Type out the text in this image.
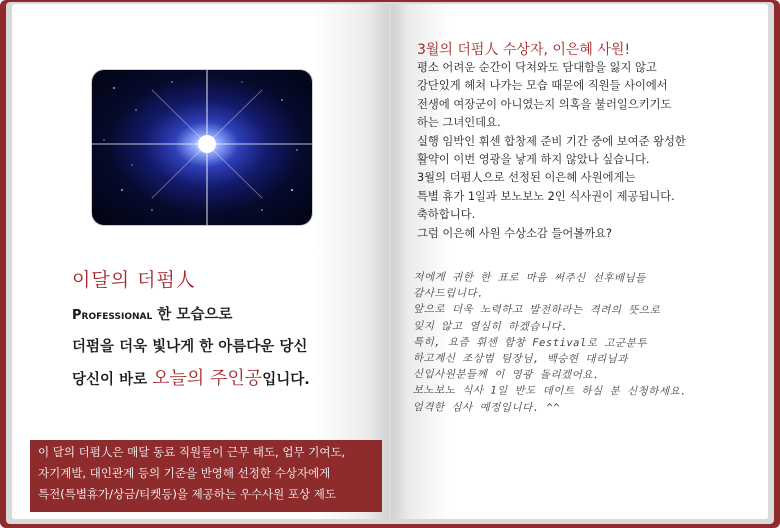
이달의 더펌人
Professional 한 모습으로
더펌을 더욱 빛나게 한 아름다운 당신
당신이 바로 오늘의 주인공입니다.
이 달의 더펌人은 매달 동료 직원들이 근무 태도, 업무 기여도,
자기계발, 대인관계 등의 기준을 반영해 선정한 수상자에게
특전(특별휴가/상금/티켓등)을 제공하는 우수사원 포상 제도
3월의 더펌人 수상자, 이은혜 사원!
평소 어려운 순간이 닥쳐와도 담대함을 잃지 않고
강단있게 헤쳐 나가는 모습 때문에 직원들 사이에서
전생에 여장군이 아니였는지 의혹을 불러일으키기도
하는 그녀인데요.
실행 임박인 휘센 합창제 준비 기간 중에 보여준 왕성한
활약이 이번 영광을 낳게 하지 않았나 싶습니다.
3월의 더펌人으로 선정된 이은혜 사원에게는
특별 휴가 1일과 보노보노 2인 식사권이 제공됩니다.
축하합니다.
그럼 이은혜 사원 수상소감 들어볼까요?
저에게 귀한 한 표로 마음 써주신 선후배님들
감사드립니다.
앞으로 더욱 노력하고 발전하라는 격려의 뜻으로
잊지 않고 열심히 하겠습니다.
특히, 요즘 휘센 합창 Festival로 고군분투
하고계신 조상범 팀장님, 백승현 대리님과
신입사원분들께 이 영광 돌리겠어요.
보노보노 식사 1일 반도 데이트 하실 분 신청하세요.
엄격한 심사 예정입니다. ^^
